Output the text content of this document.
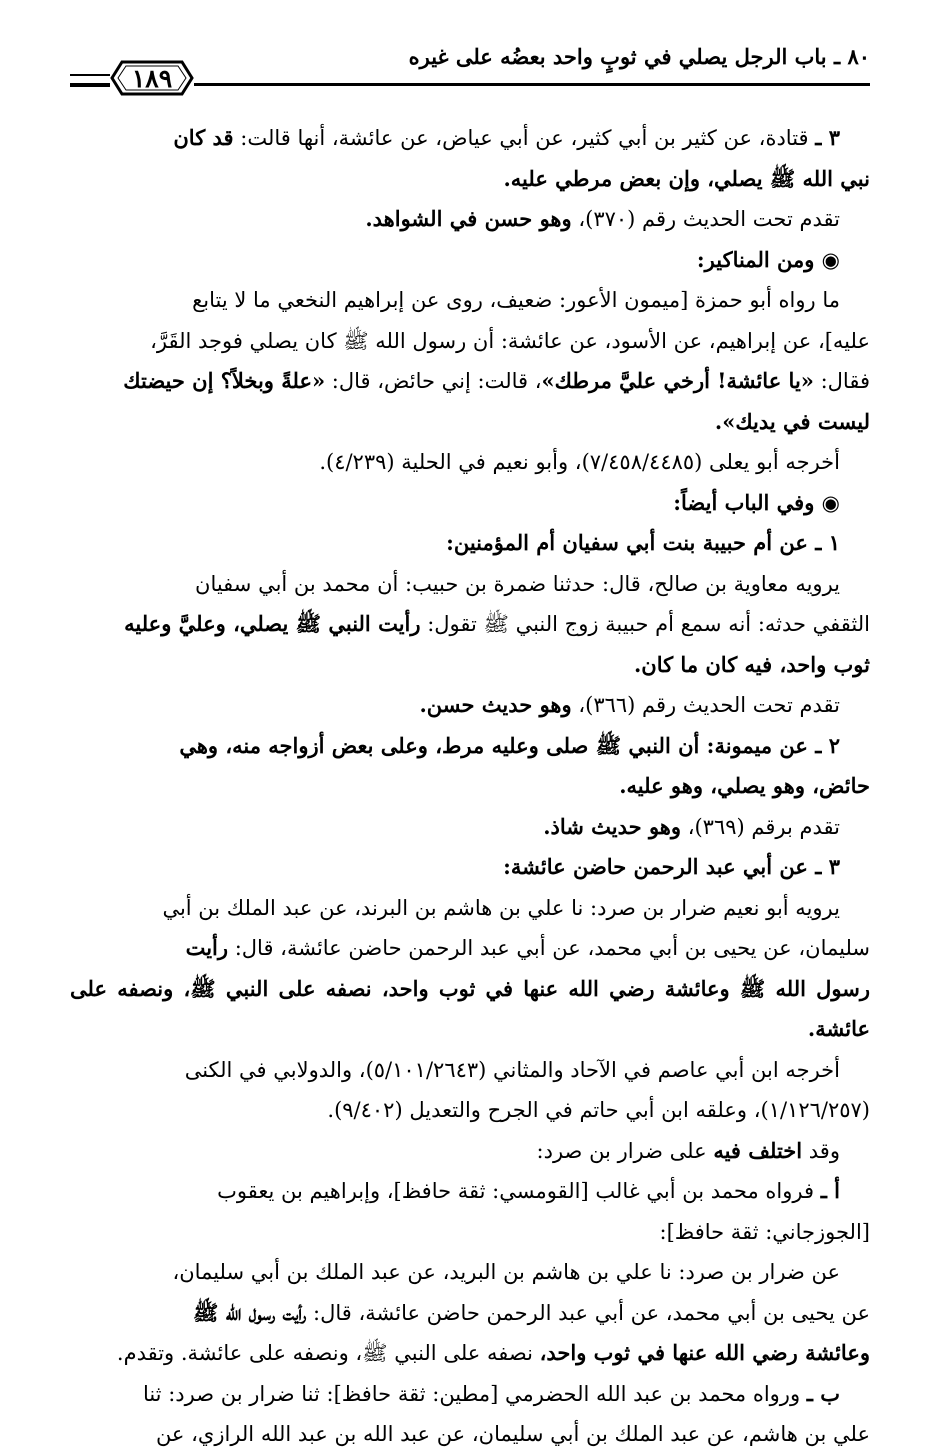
٨٠ ـ باب الرجل يصلي في ثوبٍ واحد بعضُه على غيره
١٨٩

٣ ـ قتادة، عن كثير بن أبي كثير، عن أبي عياض، عن عائشة، أنها قالت: قد كان

نبي الله ﷺ يصلي، وإن بعض مرطي عليه.

تقدم تحت الحديث رقم (٣٧٠)، وهو حسن في الشواهد.

◉ ومن المناكير:

ما رواه أبو حمزة [ميمون الأعور: ضعيف، روى عن إبراهيم النخعي ما لا يتابع

عليه]، عن إبراهيم، عن الأسود، عن عائشة: أن رسول الله ﷺ كان يصلي فوجد القَرَّ،

فقال: «يا عائشة! أرخي عليَّ مرطك»، قالت: إني حائض، قال: «علةً وبخلاً؟ إن حيضتك

ليست في يديك».

أخرجه أبو يعلى (٧/٤٥٨/٤٤٨٥)، وأبو نعيم في الحلية (٤/٢٣٩).

◉ وفي الباب أيضاً:

١ ـ عن أم حبيبة بنت أبي سفيان أم المؤمنين:

يرويه معاوية بن صالح، قال: حدثنا ضمرة بن حبيب: أن محمد بن أبي سفيان

الثقفي حدثه: أنه سمع أم حبيبة زوج النبي ﷺ تقول: رأيت النبي ﷺ يصلي، وعليَّ وعليه

ثوب واحد، فيه كان ما كان.

تقدم تحت الحديث رقم (٣٦٦)، وهو حديث حسن.

٢ ـ عن ميمونة: أن النبي ﷺ صلى وعليه مرط، وعلى بعض أزواجه منه، وهي

حائض، وهو يصلي، وهو عليه.

تقدم برقم (٣٦٩)، وهو حديث شاذ.

٣ ـ عن أبي عبد الرحمن حاضن عائشة:

يرويه أبو نعيم ضرار بن صرد: نا علي بن هاشم بن البرند، عن عبد الملك بن أبي

سليمان، عن يحيى بن أبي محمد، عن أبي عبد الرحمن حاضن عائشة، قال: رأيت

رسول الله ﷺ وعائشة رضي الله عنها في ثوب واحد، نصفه على النبي ﷺ، ونصفه على عائشة.

أخرجه ابن أبي عاصم في الآحاد والمثاني (٥/١٠١/٢٦٤٣)، والدولابي في الكنى

(١/١٢٦/٢٥٧)، وعلقه ابن أبي حاتم في الجرح والتعديل (٩/٤٠٢).

وقد اختلف فيه على ضرار بن صرد:

أ ـ فرواه محمد بن أبي غالب [القومسي: ثقة حافظ]، وإبراهيم بن يعقوب

[الجوزجاني: ثقة حافظ]:

عن ضرار بن صرد: نا علي بن هاشم بن البريد، عن عبد الملك بن أبي سليمان،

عن يحيى بن أبي محمد، عن أبي عبد الرحمن حاضن عائشة، قال: رأيت رسول الله ﷺ

وعائشة رضي الله عنها في ثوب واحد، نصفه على النبي ﷺ، ونصفه على عائشة. وتقدم.

ب ـ ورواه محمد بن عبد الله الحضرمي [مطين: ثقة حافظ]: ثنا ضرار بن صرد: ثنا

علي بن هاشم، عن عبد الملك بن أبي سليمان، عن عبد الله بن عبد الله الرازي، عن
